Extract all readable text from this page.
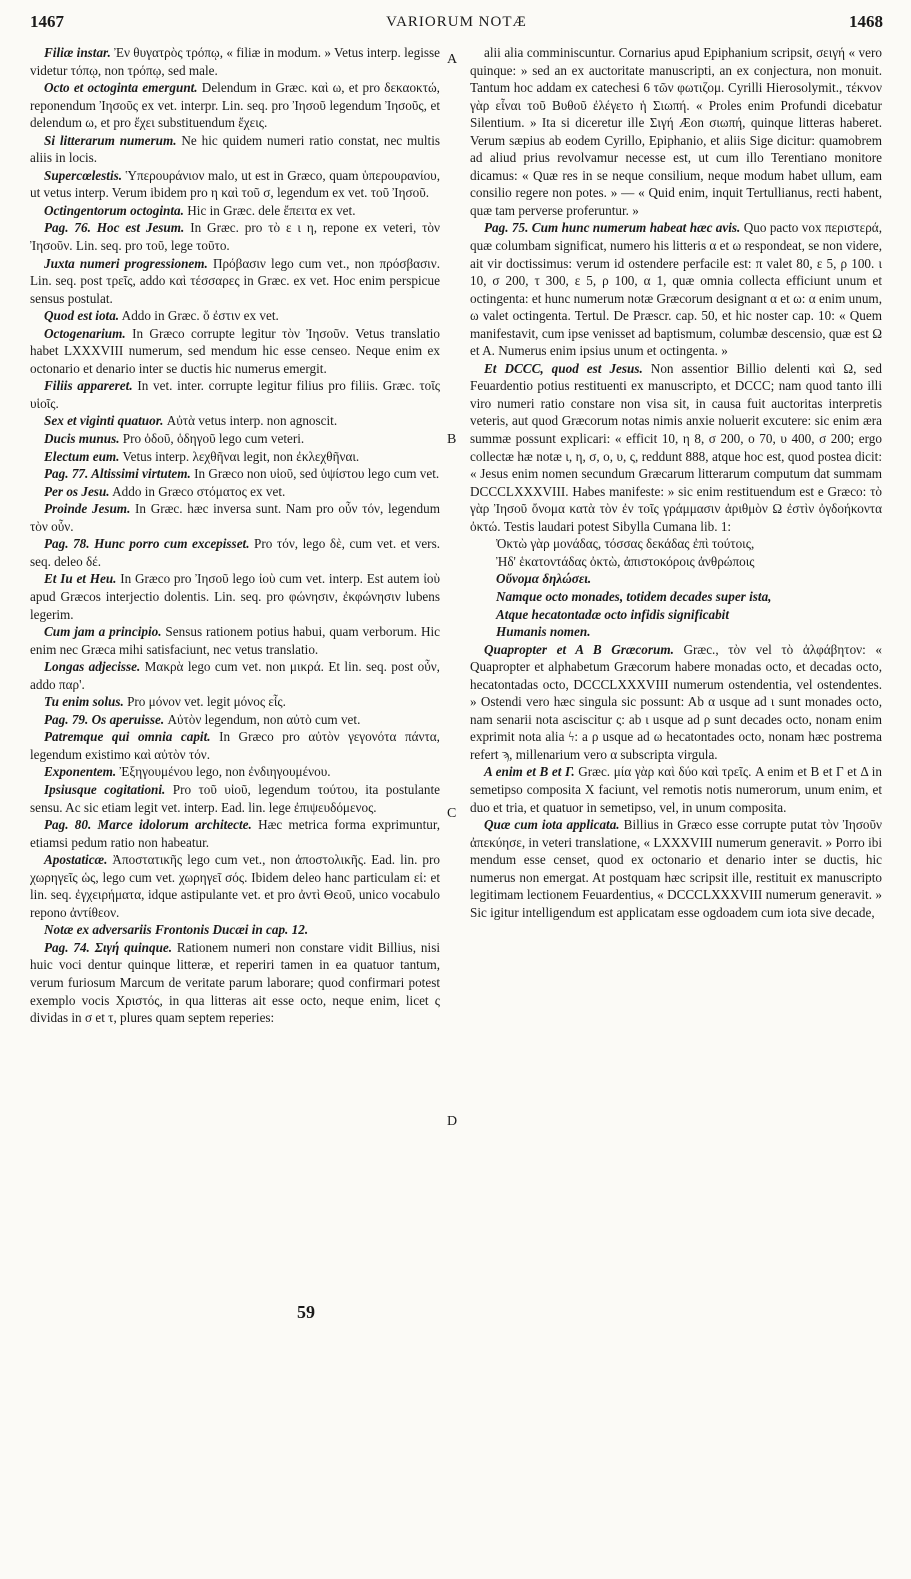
1467	VARIORUM NOTÆ	1468

Filiæ instar. Ἐν θυγατρὸς τρόπῳ, « filiæ in modum. » Vetus interp. legisse videtur τόπῳ, non τρόπῳ, sed male.

Octo et octoginta emergunt. Delendum in Græc. καὶ ω, et pro δεκαοκτώ, reponendum Ἰησοῦς ex vet. interpr. Lin. seq. pro Ἰησοῦ legendum Ἰησοῦς, et delendum ω, et pro ἔχει substituendum ἔχεις.

Si litterarum numerum. Ne hic quidem numeri ratio constat, nec multis aliis in locis.

Supercœlestis. Ὑπερουράνιον malo, ut est in Græco, quam ὑπερουρανίου, ut vetus interp. Verum ibidem pro η καὶ τοῦ σ, legendum ex vet. τοῦ Ἰησοῦ.

Octingentorum octoginta. Hic in Græc. dele ἔπειτα ex vet.

Pag. 76. Hoc est Jesum. In Græc. pro τὸ ε ι η, repone ex veteri, τὸν Ἰησοῦν. Lin. seq. pro τοῦ, lege τοῦτο.

Juxta numeri progressionem. Πρόβασιν lego cum vet., non πρόσβασιν. Lin. seq. post τρεῖς, addo καὶ τέσσαρες in Græc. ex vet. Hoc enim perspicue sensus postulat.

Quod est iota. Addo in Græc. ὅ ἐστιν ex vet.

Octogenarium. In Græco corrupte legitur τὸν Ἰησοῦν. Vetus translatio habet LXXXVIII numerum, sed mendum hic esse censeo. Neque enim ex octonario et denario inter se ductis hic numerus emergit.

Filiis appareret. In vet. inter. corrupte legitur filius pro filiis. Græc. τοῖς υἱοῖς.

Sex et viginti quatuor. Αὐτὰ vetus interp. non agnoscit.

Ducis munus. Pro ὁδοῦ, ὁδηγοῦ lego cum veteri.

Electum eum. Vetus interp. λεχθῆναι legit, non ἐκλεχθῆναι.

Pag. 77. Altissimi virtutem. In Græco non υἱοῦ, sed ὑψίστου lego cum vet.

Per os Jesu. Addo in Græco στόματος ex vet.

Proinde Jesum. In Græc. hæc inversa sunt. Nam pro οὖν τόν, legendum τὸν οὖν.

Pag. 78. Hunc porro cum excepisset. Pro τόν, lego δὲ, cum vet. et vers. seq. deleo δέ.

Et Iu et Heu. In Græco pro Ἰησοῦ lego ἰοὺ cum vet. interp. Est autem ἰοὺ apud Græcos interjectio dolentis. Lin. seq. pro φώνησιν, ἐκφώνησιν lubens legerim.

Cum jam a principio. Sensus rationem potius habui, quam verborum. Hic enim nec Græca mihi satisfaciunt, nec vetus translatio.

Longas adjecisse. Μακρὰ lego cum vet. non μικρά. Et lin. seq. post οὖν, addo παρ'.

Tu enim solus. Pro μόνον vet. legit μόνος εἶς.

Pag. 79. Os aperuisse. Αὐτὸν legendum, non αὐτὸ cum vet.

Patremque qui omnia capit. In Græco pro αὐτὸν γεγονότα πάντα, legendum existimo καὶ αὐτὸν τόν.

Exponentem. Ἐξηγουμένου lego, non ἐνδιηγουμένου.

Ipsiusque cogitationi. Pro τοῦ υἱοῦ, legendum τούτου, ita postulante sensu. Ac sic etiam legit vet. interp. Ead. lin. lege ἐπιψευδόμενος.

Pag. 80. Marce idolorum architecte. Hæc metrica forma exprimuntur, etiamsi pedum ratio non habeatur.

Apostaticæ. Ἀποστατικῆς lego cum vet., non ἀποστολικῆς. Ead. lin. pro χωρηγεῖς ὡς, lego cum vet. χωρηγεῖ σός. Ibidem deleo hanc particulam εἰ: et lin. seq. ἐγχειρήματα, idque astipulante vet. et pro ἀντὶ Θεοῦ, unico vocabulo repono ἀντίθεον.

Notæ ex adversariis Frontonis Ducæi in cap. 12.

Pag. 74. Σιγή quinque. Rationem numeri non constare vidit Billius, nisi huic voci dentur quinque litteræ, et reperiri tamen in ea quatuor tantum, verum furiosum Marcum de veritate parum laborare; quod confirmari potest exemplo vocis Χριστός, in qua litteras ait esse octo, neque enim, licet ς dividas in σ et τ, plures quam septem reperies:

alii alia comminiscuntur. Cornarius apud Epiphanium scripsit, σειγή « vero quinque: » sed an ex auctoritate manuscripti, an ex conjectura, non monuit. Tantum hoc addam ex catechesi 6 τῶν φωτιζομ. Cyrilli Hierosolymit., τέκνον γὰρ εἶναι τοῦ Βυθοῦ ἐλέγετο ἡ Σιωπή. « Proles enim Profundi dicebatur Silentium. » Ita si diceretur ille Σιγή Æon σιωπή, quinque litteras haberet. Verum sæpius ab eodem Cyrillo, Epiphanio, et aliis Sige dicitur: quamobrem ad aliud prius revolvamur necesse est, ut cum illo Terentiano monitore dicamus: « Quæ res in se neque consilium, neque modum habet ullum, eam consilio regere non potes. » — « Quid enim, inquit Tertullianus, recti habent, quæ tam perverse proferuntur. »

Pag. 75. Cum hunc numerum habeat hæc avis. Quo pacto vox περιστερά, quæ columbam significat, numero his litteris α et ω respondeat, se non videre, ait vir doctissimus: verum id ostendere perfacile est: π valet 80, ε 5, ρ 100. ι 10, σ 200, τ 300, ε 5, ρ 100, α 1, quæ omnia collecta efficiunt unum et octingenta: et hunc numerum notæ Græcorum designant α et ω: α enim unum, ω valet octingenta. Tertul. De Præscr. cap. 50, et hic noster cap. 10: « Quem manifestavit, cum ipse venisset ad baptismum, columbæ descensio, quæ est Ω et A. Numerus enim ipsius unum et octingenta. »

Et DCCC, quod est Jesus. Non assentior Billio delenti καὶ Ω, sed Feuardentio potius restituenti ex manuscripto, et DCCC; nam quod tanto illi viro numeri ratio constare non visa sit, in causa fuit auctoritas interpretis veteris, aut quod Græcorum notas nimis anxie noluerit excutere: sic enim æra summæ possunt explicari: « efficit 10, η 8, σ 200, ο 70, υ 400, σ 200; ergo collectæ hæ notæ ι, η, σ, ο, υ, ς, reddunt 888, atque hoc est, quod postea dicit: « Jesus enim nomen secundum Græcarum litterarum computum dat summam DCCCLXXXVIII. Habes manifeste: » sic enim restituendum est e Græco: τὸ γὰρ Ἰησοῦ ὄνομα κατὰ τὸν ἐν τοῖς γράμμασιν ἀριθμὸν Ω ἐστὶν ὀγδοήκοντα ὀκτώ. Testis laudari potest Sibylla Cumana lib. 1:

Ὀκτὼ γὰρ μονάδας, τόσσας δεκάδας ἐπὶ τούτοις,

Ἠδ' ἑκατοντάδας ὀκτὼ, ἀπιστοκόροις ἀνθρώποις

Οὔνομα δηλώσει.

Namque octo monades, totidem decades super ista,

Atque hecatontadæ octo infidis significabit

Humanis nomen.

Quapropter et A B Græcorum. Græc., τὸν vel τὸ ἀλφάβητον: « Quapropter et alphabetum Græcorum habere monadas octo, et decadas octo, hecatontadas octo, DCCCLXXXVIII numerum ostendentia, vel ostendentes. » Ostendi vero hæc singula sic possunt: Ab α usque ad ι sunt monades octo, nam senarii nota asciscitur ς: ab ι usque ad ρ sunt decades octo, nonam enim exprimit nota alia ϟ: a ρ usque ad ω hecatontades octo, nonam hæc postrema refert ϡ, millenarium vero α subscripta virgula.

A enim et B et Γ. Græc. μία γὰρ καὶ δύο καὶ τρεῖς. A enim et B et Γ et Δ in semetipso composita X faciunt, vel remotis notis numerorum, unum enim, et duo et tria, et quatuor in semetipso, vel, in unum composita.

Quæ cum iota applicata. Billius in Græco esse corrupte putat τὸν Ἰησοῦν ἀπεκύησε, in veteri translatione, « LXXXVIII numerum generavit. » Porro ibi mendum esse censet, quod ex octonario et denario inter se ductis, hic numerus non emergat. At postquam hæc scripsit ille, restituit ex manuscripto legitimam lectionem Feuardentius, « DCCCLXXXVIII numerum generavit. » Sic igitur intelligendum est applicatam esse ogdoadem cum iota sive decade,

A
B
C
D
59
